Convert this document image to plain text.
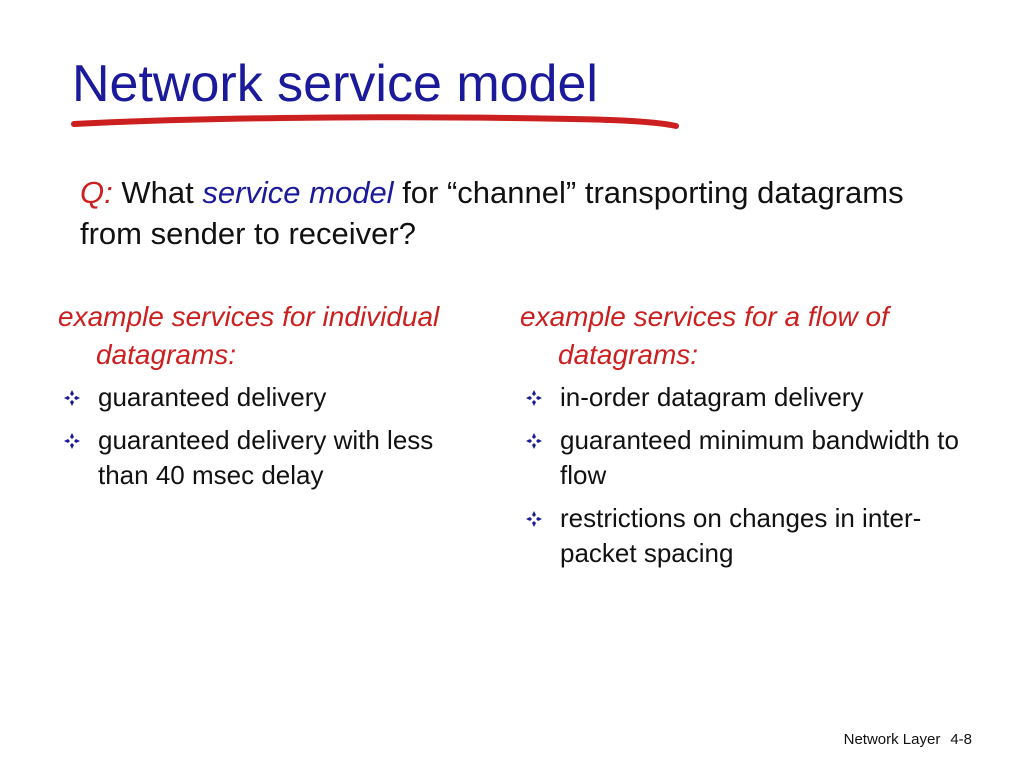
Network service model
Q: What service model for “channel” transporting datagrams from sender to receiver?
example services for individual datagrams:
guaranteed delivery
guaranteed delivery with less than 40 msec delay
example services for a flow of datagrams:
in-order datagram delivery
guaranteed minimum bandwidth to flow
restrictions on changes in inter-packet spacing
Network Layer 4-8
